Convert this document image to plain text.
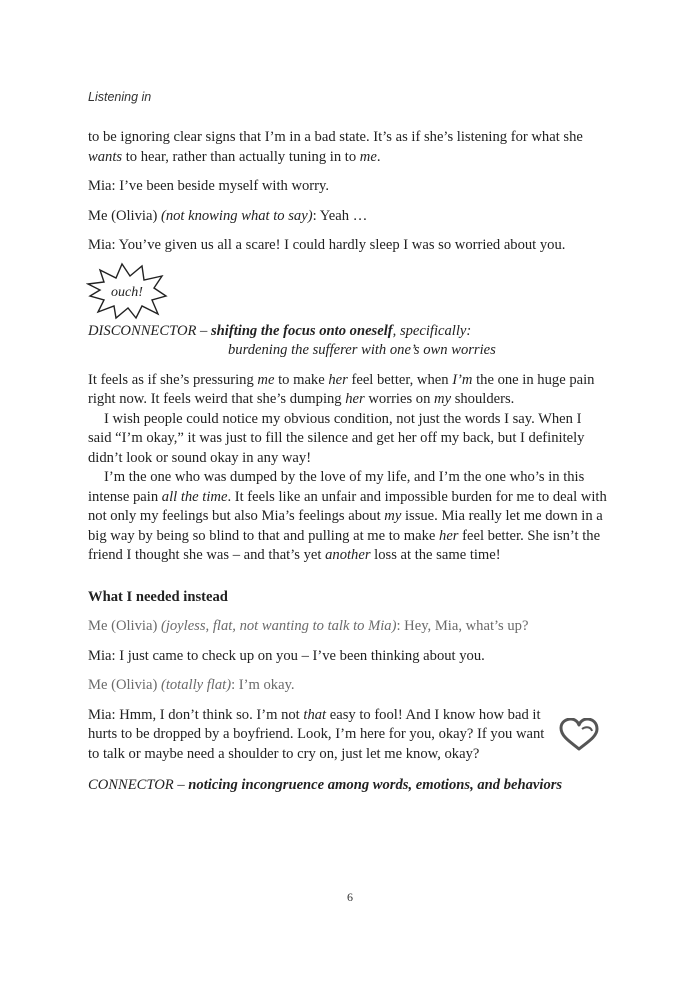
Listening in

to be ignoring clear signs that I’m in a bad state. It’s as if she’s listening for what she wants to hear, rather than actually tuning in to me.

Mia: I’ve been beside myself with worry.

Me (Olivia) (not knowing what to say): Yeah …

Mia: You’ve given us all a scare! I could hardly sleep I was so worried about you.

ouch!
DISCONNECTOR – shifting the focus onto oneself, specifically:
burdening the sufferer with one’s own worries

It feels as if she’s pressuring me to make her feel better, when I’m the one in huge pain right now. It feels weird that she’s dumping her worries on my shoulders.

I wish people could notice my obvious condition, not just the words I say. When I said “I’m okay,” it was just to fill the silence and get her off my back, but I definitely didn’t look or sound okay in any way!

I’m the one who was dumped by the love of my life, and I’m the one who’s in this intense pain all the time. It feels like an unfair and impossible burden for me to deal with not only my feelings but also Mia’s feelings about my issue. Mia really let me down in a big way by being so blind to that and pulling at me to make her feel better. She isn’t the friend I thought she was – and that’s yet another loss at the same time!

What I needed instead

Me (Olivia) (joyless, flat, not wanting to talk to Mia): Hey, Mia, what’s up?

Mia: I just came to check up on you – I’ve been thinking about you.

Me (Olivia) (totally flat): I’m okay.

Mia: Hmm, I don’t think so. I’m not that easy to fool! And I know how bad it hurts to be dropped by a boyfriend. Look, I’m here for you, okay? If you want to talk or maybe need a shoulder to cry on, just let me know, okay?

CONNECTOR – noticing incongruence among words, emotions, and behaviors

6
